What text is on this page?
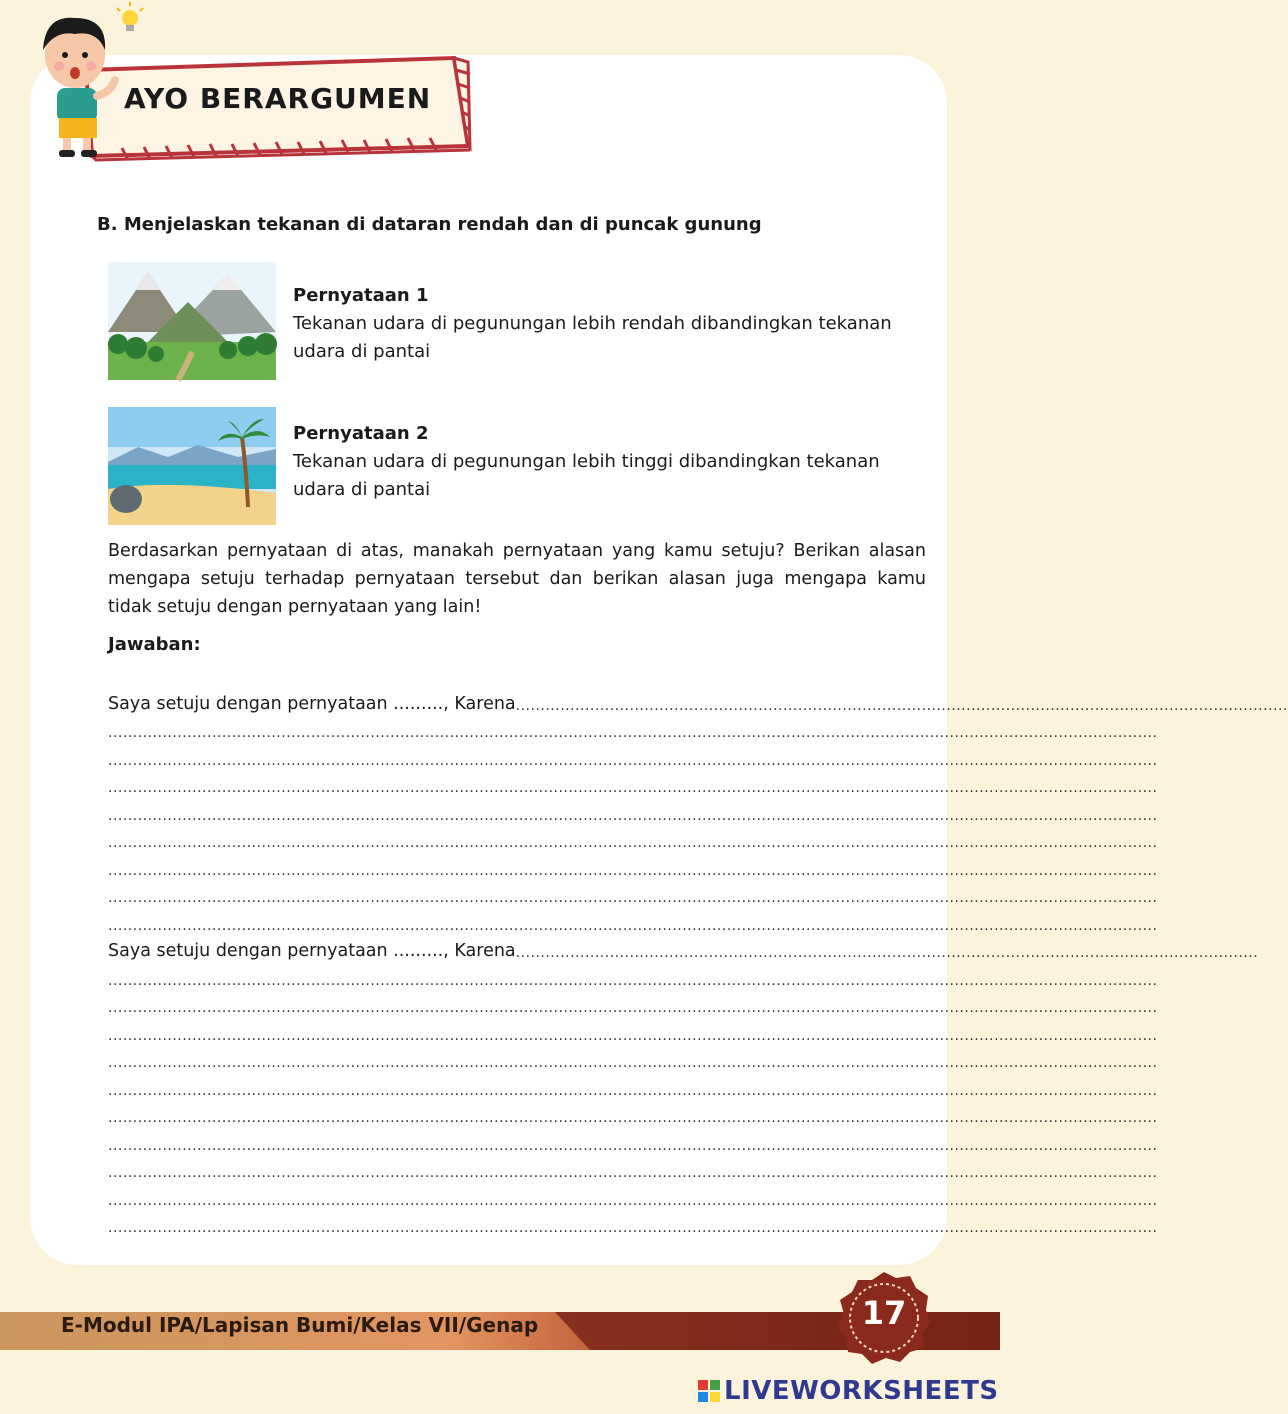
AYO BERARGUMEN
B. Menjelaskan tekanan di dataran rendah dan di puncak gunung
Pernyataan 1
Tekanan udara di pegunungan lebih rendah dibandingkan tekanan udara di pantai
Pernyataan 2
Tekanan udara di pegunungan lebih tinggi dibandingkan tekanan udara di pantai
Berdasarkan pernyataan di atas, manakah pernyataan yang kamu setuju? Berikan alasan mengapa setuju terhadap pernyataan tersebut dan berikan alasan juga mengapa kamu tidak setuju dengan pernyataan yang lain!
Jawaban:
Saya setuju dengan pernyataan ........., Karena ............................................................................................................................................................
....................................................................................................................................................................................................................
....................................................................................................................................................................................................................
....................................................................................................................................................................................................................
....................................................................................................................................................................................................................
....................................................................................................................................................................................................................
....................................................................................................................................................................................................................
....................................................................................................................................................................................................................
....................................................................................................................................................................................................................
Saya setuju dengan pernyataan ........., Karena ......................................................................................................................................................
....................................................................................................................................................................................................................
....................................................................................................................................................................................................................
....................................................................................................................................................................................................................
....................................................................................................................................................................................................................
....................................................................................................................................................................................................................
....................................................................................................................................................................................................................
....................................................................................................................................................................................................................
....................................................................................................................................................................................................................
....................................................................................................................................................................................................................
....................................................................................................................................................................................................................
E-Modul IPA/Lapisan Bumi/Kelas VII/Genap	17
LIVEWORKSHEETS
